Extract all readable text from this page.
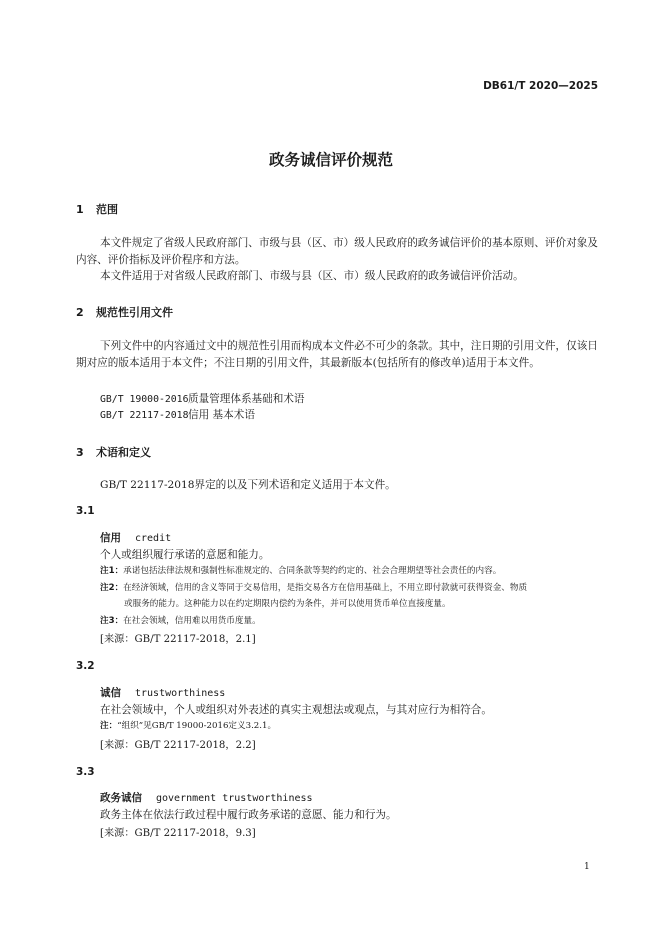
DB61/T 2020—2025
政务诚信评价规范
1 范围
本文件规定了省级人民政府部门、市级与县（区、市）级人民政府的政务诚信评价的基本原则、评价对象及内容、评价指标及评价程序和方法。
本文件适用于对省级人民政府部门、市级与县（区、市）级人民政府的政务诚信评价活动。
2 规范性引用文件
下列文件中的内容通过文中的规范性引用而构成本文件必不可少的条款。其中，注日期的引用文件，仅该日期对应的版本适用于本文件；不注日期的引用文件，其最新版本(包括所有的修改单)适用于本文件。
GB/T 19000-2016质量管理体系基础和术语
GB/T 22117-2018信用 基本术语
3 术语和定义
GB/T 22117-2018界定的以及下列术语和定义适用于本文件。
3.1
信用 credit
个人或组织履行承诺的意愿和能力。
注1：承诺包括法律法规和强制性标准规定的、合同条款等契约约定的、社会合理期望等社会责任的内容。
注2：在经济领域，信用的含义等同于交易信用，是指交易各方在信用基础上，不用立即付款就可获得资金、物质
或服务的能力。这种能力以在约定期限内偿约为条件，并可以使用货币单位直接度量。
注3：在社会领域，信用难以用货币度量。
[来源：GB/T 22117-2018，2.1]
3.2
诚信 trustworthiness
在社会领域中，个人或组织对外表述的真实主观想法或观点，与其对应行为相符合。
注：“组织”见GB/T 19000-2016定义3.2.1。
[来源：GB/T 22117-2018，2.2]
3.3
政务诚信 government trustworthiness
政务主体在依法行政过程中履行政务承诺的意愿、能力和行为。
[来源：GB/T 22117-2018，9.3]
1
